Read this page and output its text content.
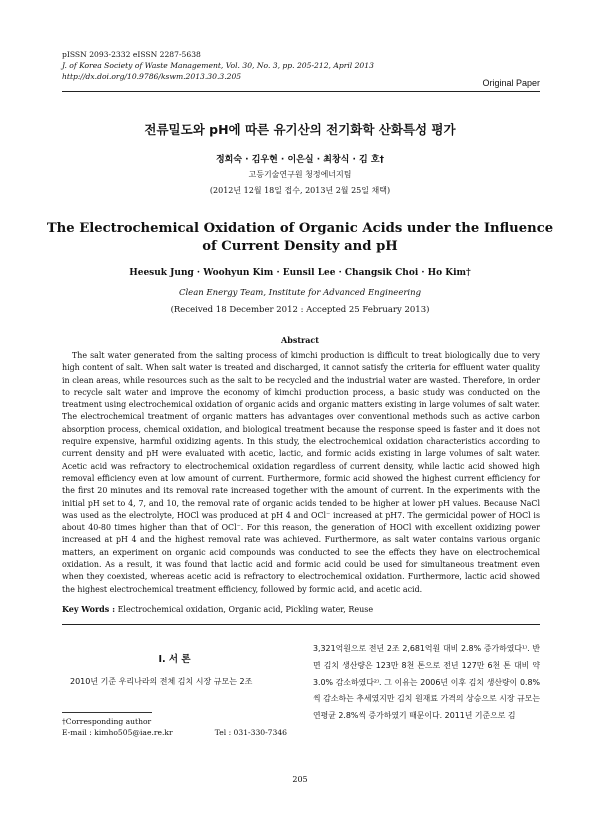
pISSN 2093-2332 eISSN 2287-5638
J. of Korea Society of Waste Management, Vol. 30, No. 3, pp. 205-212, April 2013
http://dx.doi.org/10.9786/kswm.2013.30.3.205
Original Paper
전류밀도와 pH에 따른 유기산의 전기화학 산화특성 평가
정희숙 · 김우현 · 이은실 · 최창식 · 김 호†
고등기술연구원 청정에너지팀
(2012년 12월 18일 접수, 2013년 2월 25일 채택)
The Electrochemical Oxidation of Organic Acids under the Influence
of Current Density and pH
Heesuk Jung · Woohyun Kim · Eunsil Lee · Changsik Choi · Ho Kim†
Clean Energy Team, Institute for Advanced Engineering
(Received 18 December 2012 : Accepted 25 February 2013)
Abstract
The salt water generated from the salting process of kimchi production is difficult to treat biologically due to very high content of salt. When salt water is treated and discharged, it cannot satisfy the criteria for effluent water quality in clean areas, while resources such as the salt to be recycled and the industrial water are wasted. Therefore, in order to recycle salt water and improve the economy of kimchi production process, a basic study was conducted on the treatment using electrochemical oxidation of organic acids and organic matters existing in large volumes of salt water. The electrochemical treatment of organic matters has advantages over conventional methods such as active carbon absorption process, chemical oxidation, and biological treatment because the response speed is faster and it does not require expensive, harmful oxidizing agents. In this study, the electrochemical oxidation characteristics according to current density and pH were evaluated with acetic, lactic, and formic acids existing in large volumes of salt water. Acetic acid was refractory to electrochemical oxidation regardless of current density, while lactic acid showed high removal efficiency even at low amount of current. Furthermore, formic acid showed the highest current efficiency for the first 20 minutes and its removal rate increased together with the amount of current. In the experiments with the initial pH set to 4, 7, and 10, the removal rate of organic acids tended to be higher at lower pH values. Because NaCl was used as the electrolyte, HOCl was produced at pH 4 and OCl⁻ increased at pH7. The germicidal power of HOCl is about 40-80 times higher than that of OCl⁻. For this reason, the generation of HOCl with excellent oxidizing power increased at pH 4 and the highest removal rate was achieved. Furthermore, as salt water contains various organic matters, an experiment on organic acid compounds was conducted to see the effects they have on electrochemical oxidation. As a result, it was found that lactic acid and formic acid could be used for simultaneous treatment even when they coexisted, whereas acetic acid is refractory to electrochemical oxidation. Furthermore, lactic acid showed the highest electrochemical treatment efficiency, followed by formic acid, and acetic acid.
Key Words : Electrochemical oxidation, Organic acid, Pickling water, Reuse
I. 서 론
2010년 기준 우리나라의 전체 김치 시장 규모는 2조
†Corresponding author
E-mail : kimho505@iae.re.kr	Tel : 031-330-7346
3,321억원으로 전년 2조 2,681억원 대비 2.8% 증가하였다¹⁾. 반면 김치 생산량은 123만 8천 톤으로 전년 127만 6천 톤 대비 약 3.0% 감소하였다²⁾. 그 이유는 2006년 이후 김치 생산량이 0.8%씩 감소하는 추세였지만 김치 원재료 가격의 상승으로 시장 규모는 연평균 2.8%씩 증가하였기 때문이다. 2011년 기준으로 김
205
